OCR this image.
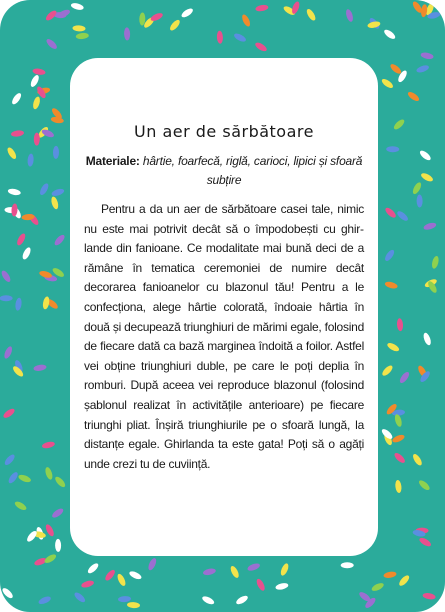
Un aer de sărbătoare

Materiale: hârtie, foarfecă, riglă, carioci, lipici și sfoară subțire

Pentru a da un aer de sărbătoare casei tale, nimic nu este mai potrivit decât să o împodobești cu ghirlande din fanioane. Ce modalitate mai bună deci de a rămâne în tematica ceremoniei de numire decât decorarea fanioanelor cu blazonul tău! Pentru a le confecționa, alege hârtie colorată, îndoaie hârtia în două și decupează triunghiuri de mărimi egale, folosind de fiecare dată ca bază marginea îndoită a foilor. Astfel vei obține triunghiuri duble, pe care le poți deplia în romburi. După aceea vei reproduce blazonul (folosind șablonul realizat în activitățile anterioare) pe fiecare triunghi pliat. Înșiră triunghiurile pe o sfoară lungă, la distanțe egale. Ghirlanda ta este gata! Poți să o agăți unde crezi tu de cuviință.
